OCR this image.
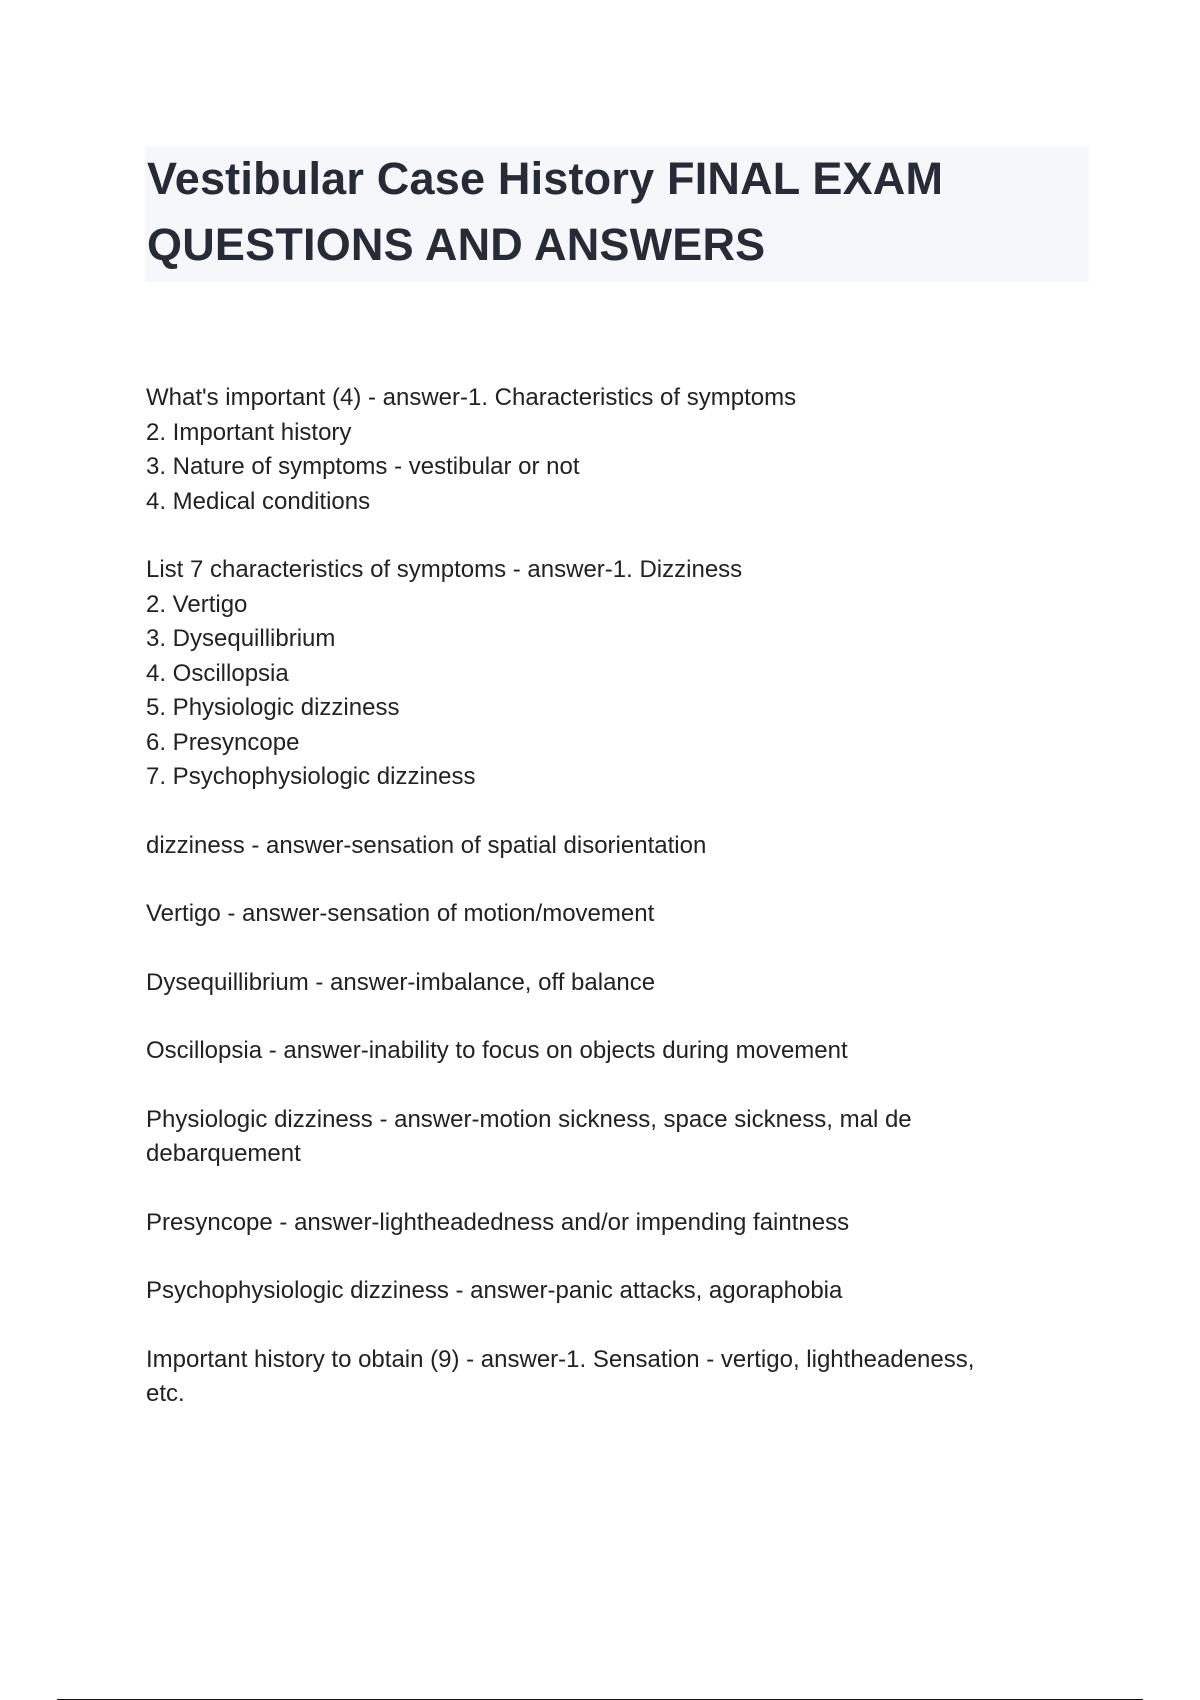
Vestibular Case History FINAL EXAM
QUESTIONS AND ANSWERS
What's important (4) - answer-1. Characteristics of symptoms
2. Important history
3. Nature of symptoms - vestibular or not
4. Medical conditions
List 7 characteristics of symptoms - answer-1. Dizziness
2. Vertigo
3. Dysequillibrium
4. Oscillopsia
5. Physiologic dizziness
6. Presyncope
7. Psychophysiologic dizziness
dizziness - answer-sensation of spatial disorientation
Vertigo - answer-sensation of motion/movement
Dysequillibrium - answer-imbalance, off balance
Oscillopsia - answer-inability to focus on objects during movement
Physiologic dizziness - answer-motion sickness, space sickness, mal de
debarquement
Presyncope - answer-lightheadedness and/or impending faintness
Psychophysiologic dizziness - answer-panic attacks, agoraphobia
Important history to obtain (9) - answer-1. Sensation - vertigo, lightheadeness,
etc.
